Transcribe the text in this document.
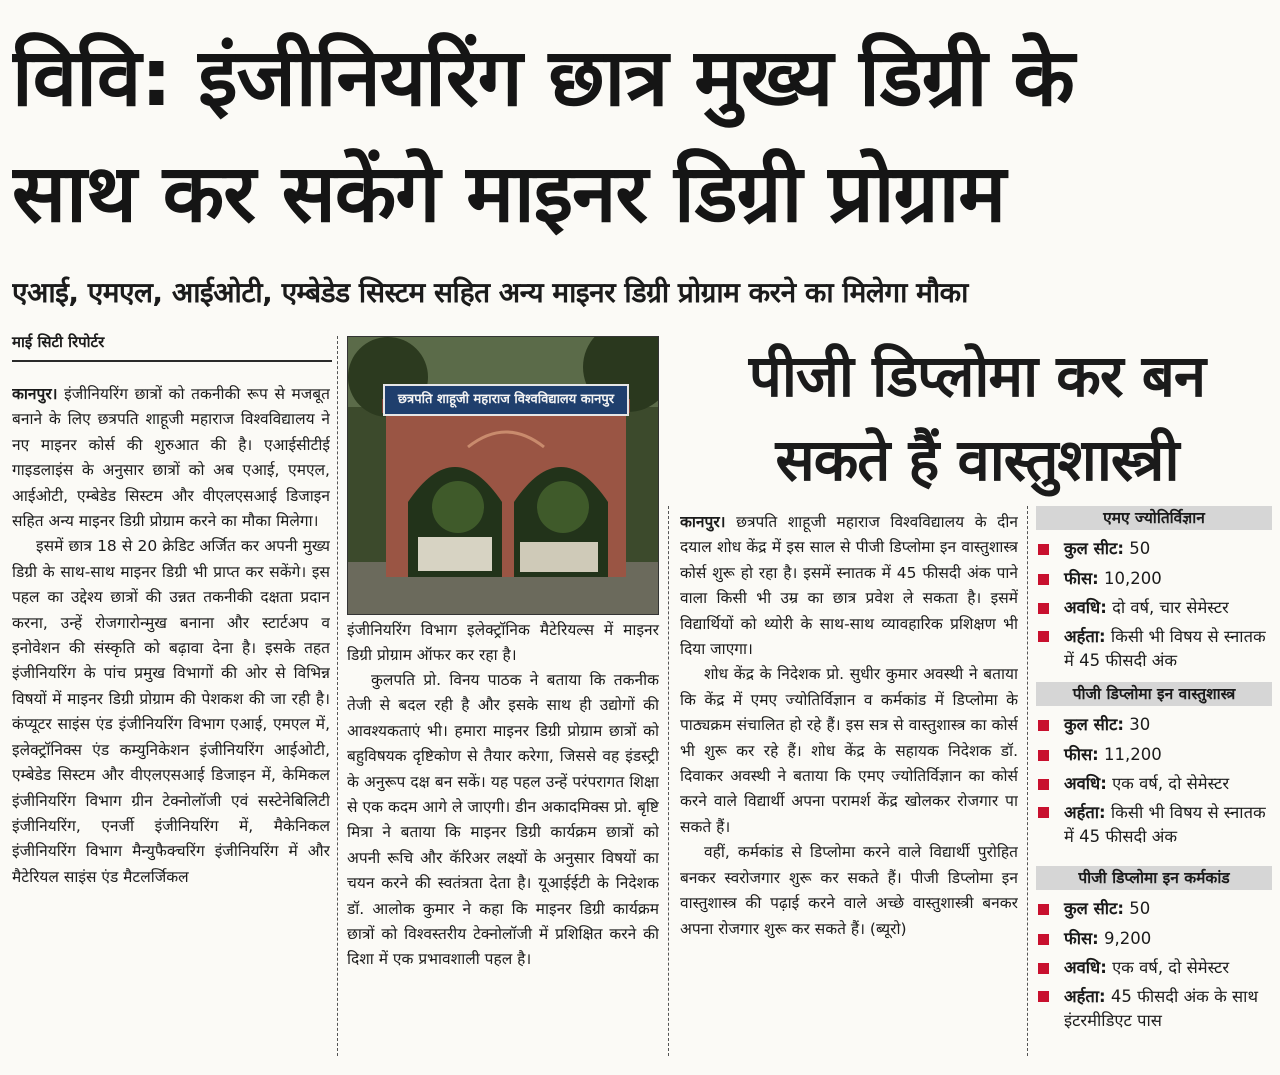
विवि: इंजीनियरिंग छात्र मुख्य डिग्री के
साथ कर सकेंगे माइनर डिग्री प्रोग्राम
एआई, एमएल, आईओटी, एम्बेडेड सिस्टम सहित अन्य माइनर डिग्री प्रोग्राम करने का मिलेगा मौका
माई सिटी रिपोर्टर

कानपुर। इंजीनियरिंग छात्रों को तकनीकी रूप से मजबूत बनाने के लिए छत्रपति शाहूजी महाराज विश्वविद्यालय ने नए माइनर कोर्स की शुरुआत की है। एआईसीटीई गाइडलाइंस के अनुसार छात्रों को अब एआई, एमएल, आईओटी, एम्बेडेड सिस्टम और वीएलएसआई डिजाइन सहित अन्य माइनर डिग्री प्रोग्राम करने का मौका मिलेगा।

इसमें छात्र 18 से 20 क्रेडिट अर्जित कर अपनी मुख्य डिग्री के साथ-साथ माइनर डिग्री भी प्राप्त कर सकेंगे। इस पहल का उद्देश्य छात्रों की उन्नत तकनीकी दक्षता प्रदान करना, उन्हें रोजगारोन्मुख बनाना और स्टार्टअप व इनोवेशन की संस्कृति को बढ़ावा देना है। इसके तहत इंजीनियरिंग के पांच प्रमुख विभागों की ओर से विभिन्न विषयों में माइनर डिग्री प्रोग्राम की पेशकश की जा रही है। कंप्यूटर साइंस एंड इंजीनियरिंग विभाग एआई, एमएल में, इलेक्ट्रॉनिक्स एंड कम्युनिकेशन इंजीनियरिंग आईओटी, एम्बेडेड सिस्टम और वीएलएसआई डिजाइन में, केमिकल इंजीनियरिंग विभाग ग्रीन टेक्नोलॉजी एवं सस्टेनेबिलिटी इंजीनियरिंग, एनर्जी इंजीनियरिंग में, मैकेनिकल इंजीनियरिंग विभाग मैन्युफैक्चरिंग इंजीनियरिंग में और मैटेरियल साइंस एंड मैटलर्जिकल

छत्रपति शाहूजी महाराज विश्वविद्यालय कानपुर
इंजीनियरिंग विभाग इलेक्ट्रॉनिक मैटेरियल्स में माइनर डिग्री प्रोग्राम ऑफर कर रहा है।

कुलपति प्रो. विनय पाठक ने बताया कि तकनीक तेजी से बदल रही है और इसके साथ ही उद्योगों की आवश्यकताएं भी। हमारा माइनर डिग्री प्रोग्राम छात्रों को बहुविषयक दृष्टिकोण से तैयार करेगा, जिससे वह इंडस्ट्री के अनुरूप दक्ष बन सकें। यह पहल उन्हें परंपरागत शिक्षा से एक कदम आगे ले जाएगी। डीन अकादमिक्स प्रो. बृष्टि मित्रा ने बताया कि माइनर डिग्री कार्यक्रम छात्रों को अपनी रूचि और कॅरिअर लक्ष्यों के अनुसार विषयों का चयन करने की स्वतंत्रता देता है। यूआईईटी के निदेशक डॉ. आलोक कुमार ने कहा कि माइनर डिग्री कार्यक्रम छात्रों को विश्वस्तरीय टेक्नोलॉजी में प्रशिक्षित करने की दिशा में एक प्रभावशाली पहल है।

पीजी डिप्लोमा कर बन
सकते हैं वास्तुशास्त्री

कानपुर। छत्रपति शाहूजी महाराज विश्वविद्यालय के दीन दयाल शोध केंद्र में इस साल से पीजी डिप्लोमा इन वास्तुशास्त्र कोर्स शुरू हो रहा है। इसमें स्नातक में 45 फीसदी अंक पाने वाला किसी भी उम्र का छात्र प्रवेश ले सकता है। इसमें विद्यार्थियों को थ्योरी के साथ-साथ व्यावहारिक प्रशिक्षण भी दिया जाएगा।

शोध केंद्र के निदेशक प्रो. सुधीर कुमार अवस्थी ने बताया कि केंद्र में एमए ज्योतिर्विज्ञान व कर्मकांड में डिप्लोमा के पाठ्यक्रम संचालित हो रहे हैं। इस सत्र से वास्तुशास्त्र का कोर्स भी शुरू कर रहे हैं। शोध केंद्र के सहायक निदेशक डॉ. दिवाकर अवस्थी ने बताया कि एमए ज्योतिर्विज्ञान का कोर्स करने वाले विद्यार्थी अपना परामर्श केंद्र खोलकर रोजगार पा सकते हैं।

वहीं, कर्मकांड से डिप्लोमा करने वाले विद्यार्थी पुरोहित बनकर स्वरोजगार शुरू कर सकते हैं। पीजी डिप्लोमा इन वास्तुशास्त्र की पढ़ाई करने वाले अच्छे वास्तुशास्त्री बनकर अपना रोजगार शुरू कर सकते हैं। (ब्यूरो)

एमए ज्योतिर्विज्ञान
कुल सीट: 50
फीस: 10,200
अवधि: दो वर्ष, चार सेमेस्टर
अर्हता: किसी भी विषय से स्नातक में 45 फीसदी अंक
पीजी डिप्लोमा इन वास्तुशास्त्र
कुल सीट: 30
फीस: 11,200
अवधि: एक वर्ष, दो सेमेस्टर
अर्हता: किसी भी विषय से स्नातक में 45 फीसदी अंक
पीजी डिप्लोमा इन कर्मकांड
कुल सीट: 50
फीस: 9,200
अवधि: एक वर्ष, दो सेमेस्टर
अर्हता: 45 फीसदी अंक के साथ इंटरमीडिएट पास
